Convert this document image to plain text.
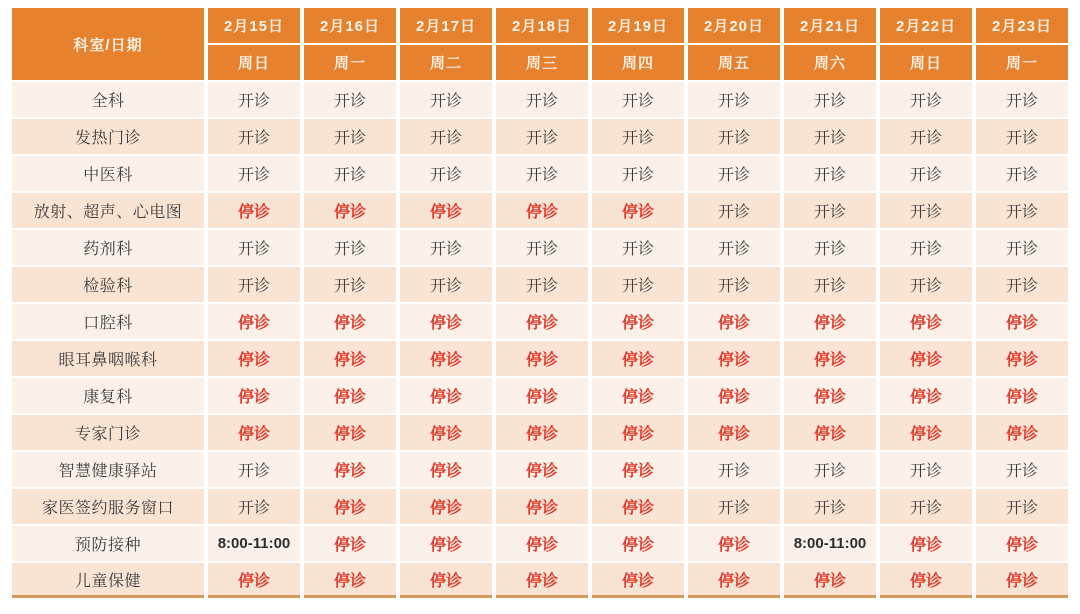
科室/日期	2月15日	2月16日	2月17日	2月18日	2月19日	2月20日	2月21日	2月22日	2月23日
	周日	周一	周二	周三	周四	周五	周六	周日	周一
全科	开诊	开诊	开诊	开诊	开诊	开诊	开诊	开诊	开诊
发热门诊	开诊	开诊	开诊	开诊	开诊	开诊	开诊	开诊	开诊
中医科	开诊	开诊	开诊	开诊	开诊	开诊	开诊	开诊	开诊
放射、超声、心电图	停诊	停诊	停诊	停诊	停诊	开诊	开诊	开诊	开诊
药剂科	开诊	开诊	开诊	开诊	开诊	开诊	开诊	开诊	开诊
检验科	开诊	开诊	开诊	开诊	开诊	开诊	开诊	开诊	开诊
口腔科	停诊	停诊	停诊	停诊	停诊	停诊	停诊	停诊	停诊
眼耳鼻咽喉科	停诊	停诊	停诊	停诊	停诊	停诊	停诊	停诊	停诊
康复科	停诊	停诊	停诊	停诊	停诊	停诊	停诊	停诊	停诊
专家门诊	停诊	停诊	停诊	停诊	停诊	停诊	停诊	停诊	停诊
智慧健康驿站	开诊	停诊	停诊	停诊	停诊	开诊	开诊	开诊	开诊
家医签约服务窗口	开诊	停诊	停诊	停诊	停诊	开诊	开诊	开诊	开诊
预防接种	8:00-11:00	停诊	停诊	停诊	停诊	停诊	8:00-11:00	停诊	停诊
儿童保健	停诊	停诊	停诊	停诊	停诊	停诊	停诊	停诊	停诊
